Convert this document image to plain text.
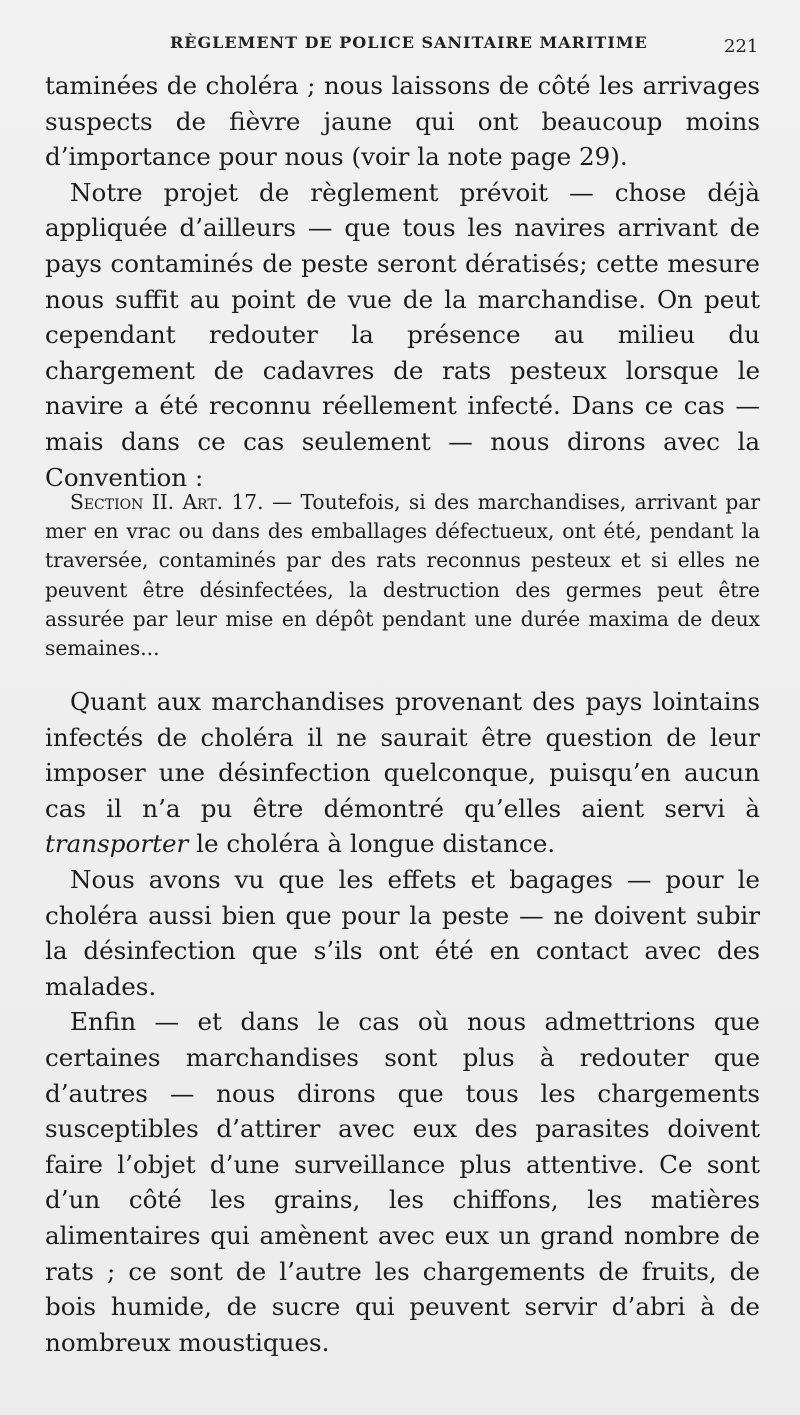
RÈGLEMENT DE POLICE SANITAIRE MARITIME	221

taminées de choléra ; nous laissons de côté les arrivages suspects de fièvre jaune qui ont beaucoup moins d’importance pour nous (voir la note page 29).

Notre projet de règlement prévoit — chose déjà appliquée d’ailleurs — que tous les navires arrivant de pays contaminés de peste seront dératisés; cette mesure nous suffit au point de vue de la marchandise. On peut cependant redouter la présence au milieu du chargement de cadavres de rats pesteux lorsque le navire a été reconnu réellement infecté. Dans ce cas — mais dans ce cas seulement — nous dirons avec la Convention :

Section II. Art. 17. — Toutefois, si des marchandises, arrivant par mer en vrac ou dans des emballages défectueux, ont été, pendant la traversée, contaminés par des rats reconnus pesteux et si elles ne peuvent être désinfectées, la destruction des germes peut être assurée par leur mise en dépôt pendant une durée maxima de deux semaines...

Quant aux marchandises provenant des pays lointains infectés de choléra il ne saurait être question de leur imposer une désinfection quelconque, puisqu’en aucun cas il n’a pu être démontré qu’elles aient servi à transporter le choléra à longue distance.

Nous avons vu que les effets et bagages — pour le choléra aussi bien que pour la peste — ne doivent subir la désinfection que s’ils ont été en contact avec des malades.

Enfin — et dans le cas où nous admettrions que certaines marchandises sont plus à redouter que d’autres — nous dirons que tous les chargements susceptibles d’attirer avec eux des parasites doivent faire l’objet d’une surveillance plus attentive. Ce sont d’un côté les grains, les chiffons, les matières alimentaires qui amènent avec eux un grand nombre de rats ; ce sont de l’autre les chargements de fruits, de bois humide, de sucre qui peuvent servir d’abri à de nombreux moustiques.
